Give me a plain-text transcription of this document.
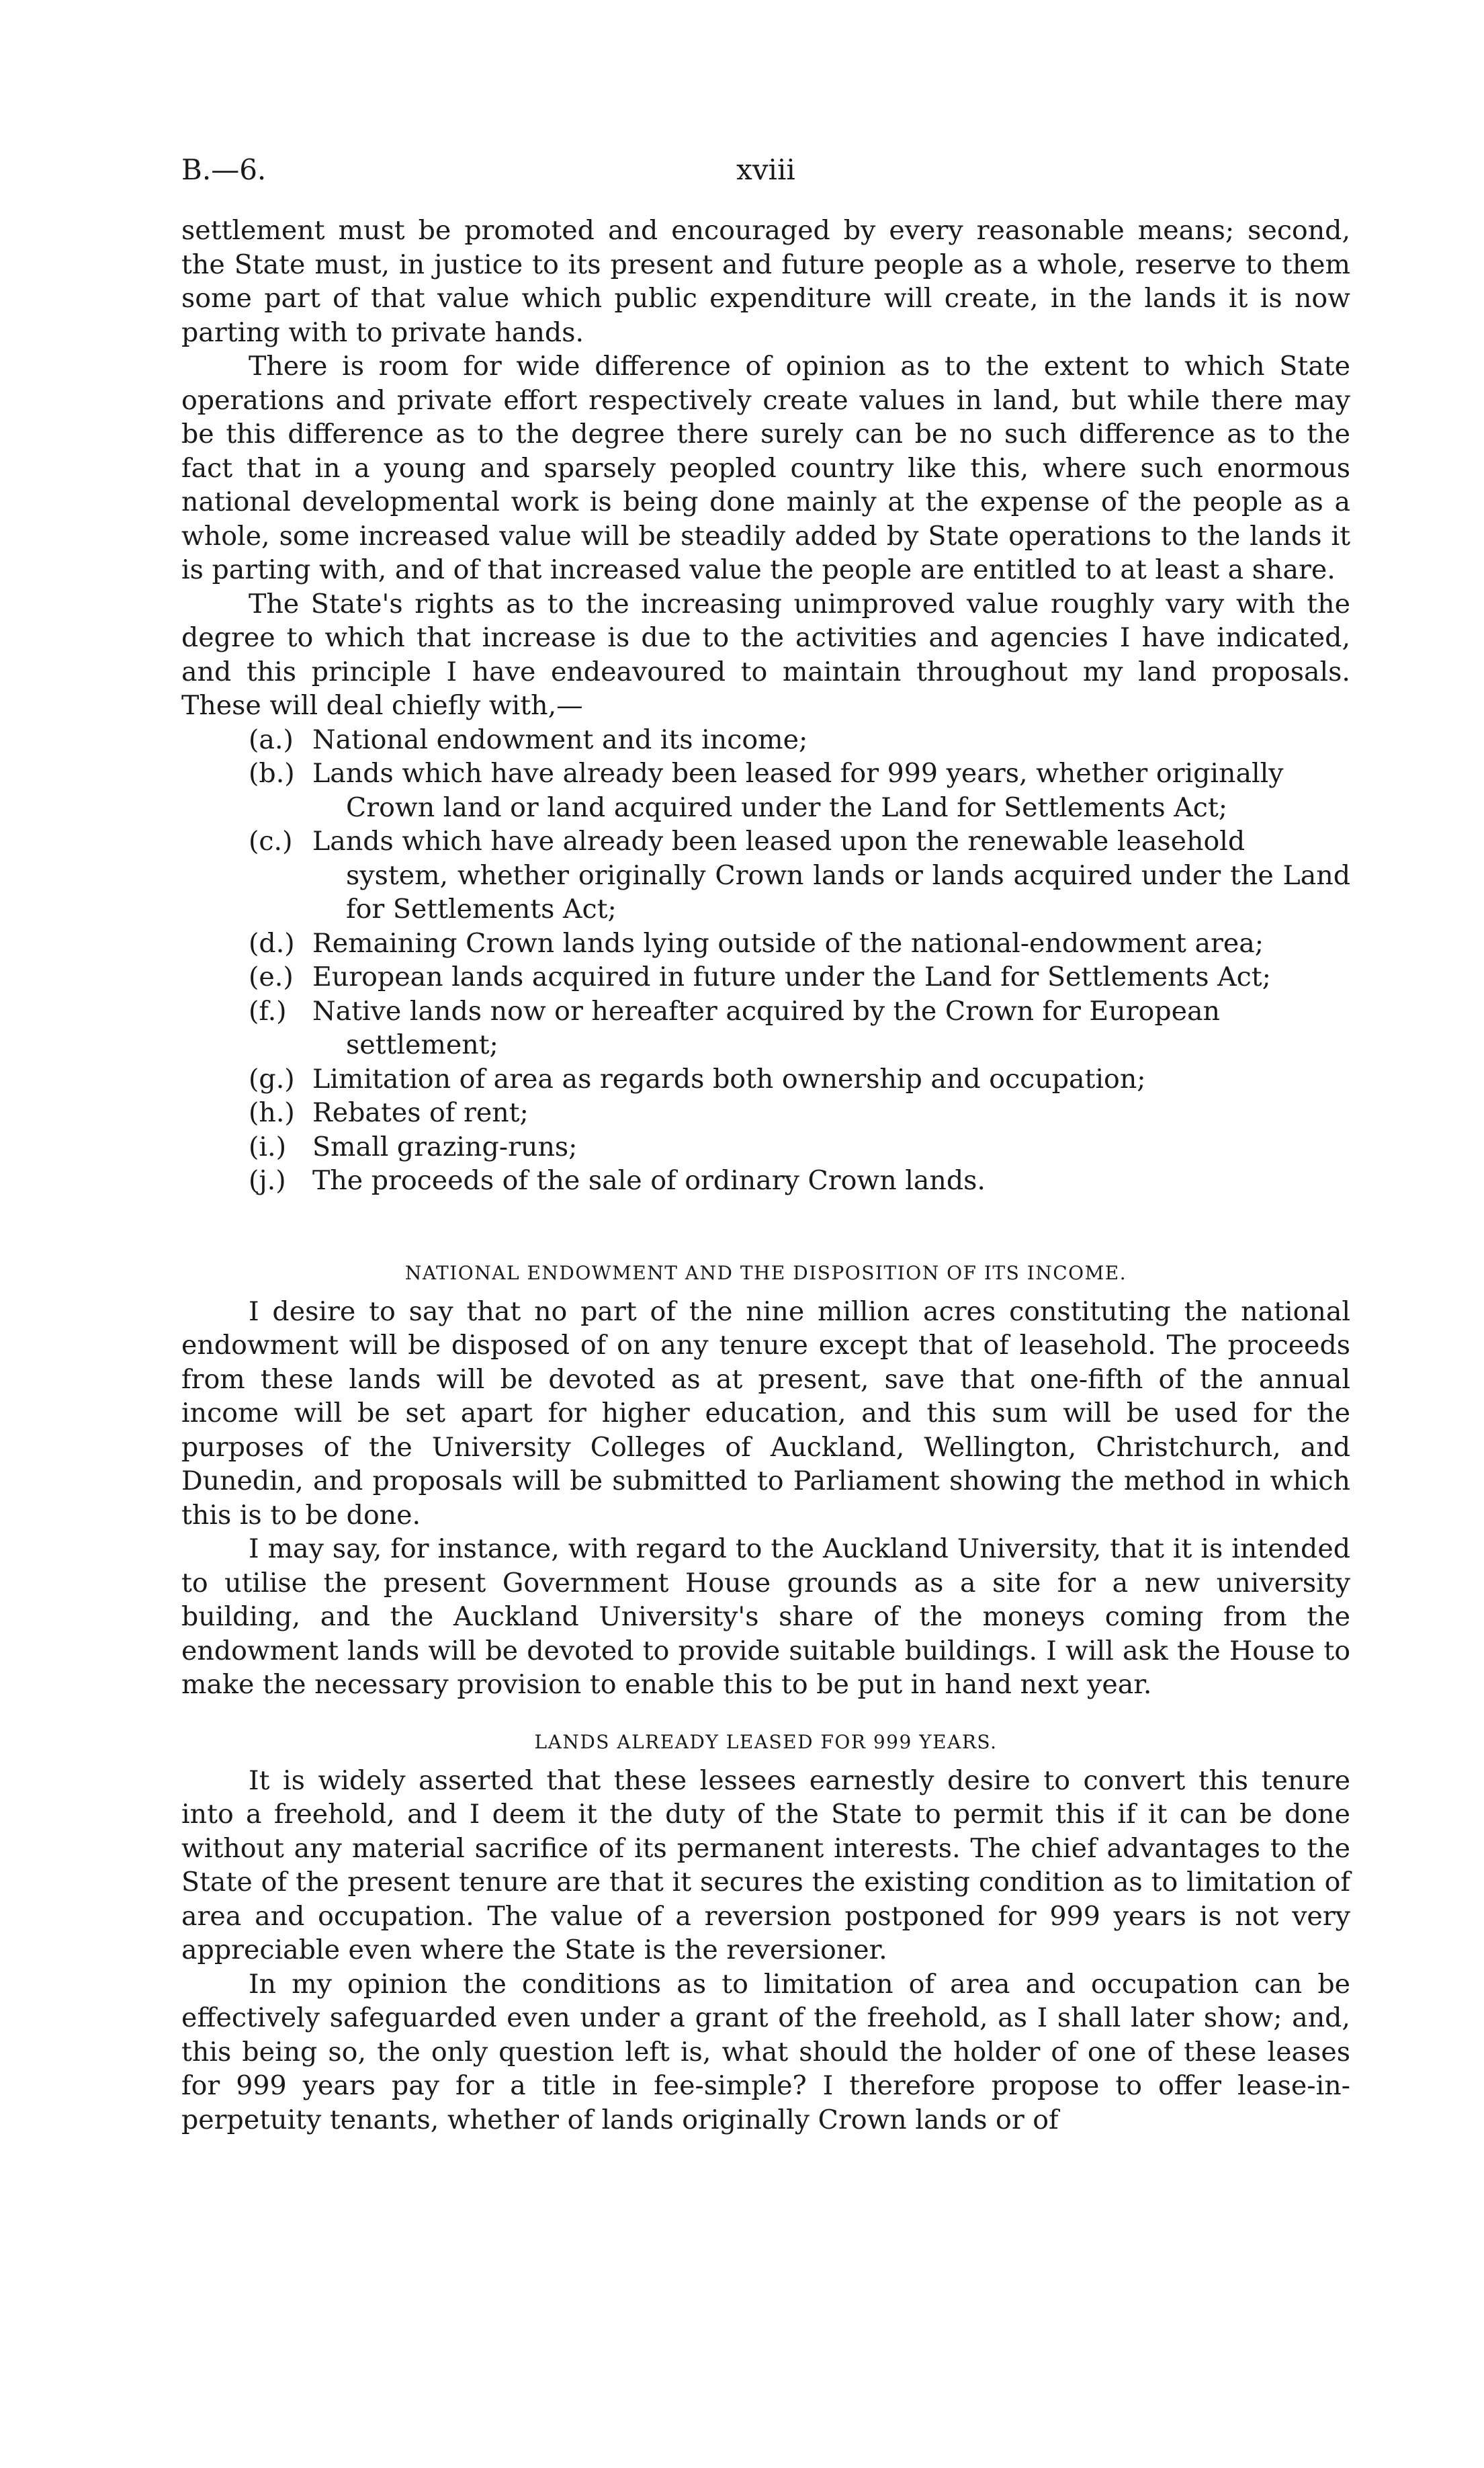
B.—6.	xviii

settlement must be promoted and encouraged by every reasonable means; second, the State must, in justice to its present and future people as a whole, reserve to them some part of that value which public expenditure will create, in the lands it is now parting with to private hands.

There is room for wide difference of opinion as to the extent to which State operations and private effort respectively create values in land, but while there may be this difference as to the degree there surely can be no such difference as to the fact that in a young and sparsely peopled country like this, where such enormous national developmental work is being done mainly at the expense of the people as a whole, some increased value will be steadily added by State operations to the lands it is parting with, and of that increased value the people are entitled to at least a share.

The State's rights as to the increasing unimproved value roughly vary with the degree to which that increase is due to the activities and agencies I have indicated, and this principle I have endeavoured to maintain throughout my land proposals. These will deal chiefly with,—

(a.) National endowment and its income;
(b.) Lands which have already been leased for 999 years, whether originally
Crown land or land acquired under the Land for Settlements Act;
(c.) Lands which have already been leased upon the renewable leasehold
system, whether originally Crown lands or lands acquired under the Land for Settlements Act;
(d.) Remaining Crown lands lying outside of the national-endowment area;
(e.) European lands acquired in future under the Land for Settlements Act;
(f.) Native lands now or hereafter acquired by the Crown for European
settlement;
(g.) Limitation of area as regards both ownership and occupation;
(h.) Rebates of rent;
(i.) Small grazing-runs;
(j.) The proceeds of the sale of ordinary Crown lands.
NATIONAL ENDOWMENT AND THE DISPOSITION OF ITS INCOME.

I desire to say that no part of the nine million acres constituting the national endowment will be disposed of on any tenure except that of leasehold. The proceeds from these lands will be devoted as at present, save that one-fifth of the annual income will be set apart for higher education, and this sum will be used for the purposes of the University Colleges of Auckland, Wellington, Christchurch, and Dunedin, and proposals will be submitted to Parliament showing the method in which this is to be done.

I may say, for instance, with regard to the Auckland University, that it is intended to utilise the present Government House grounds as a site for a new university building, and the Auckland University's share of the moneys coming from the endowment lands will be devoted to provide suitable buildings. I will ask the House to make the necessary provision to enable this to be put in hand next year.

LANDS ALREADY LEASED FOR 999 YEARS.

It is widely asserted that these lessees earnestly desire to convert this tenure into a freehold, and I deem it the duty of the State to permit this if it can be done without any material sacrifice of its permanent interests. The chief advantages to the State of the present tenure are that it secures the existing condition as to limitation of area and occupation. The value of a reversion postponed for 999 years is not very appreciable even where the State is the reversioner.

In my opinion the conditions as to limitation of area and occupation can be effectively safeguarded even under a grant of the freehold, as I shall later show; and, this being so, the only question left is, what should the holder of one of these leases for 999 years pay for a title in fee-simple? I therefore propose to offer lease-in-perpetuity tenants, whether of lands originally Crown lands or of
